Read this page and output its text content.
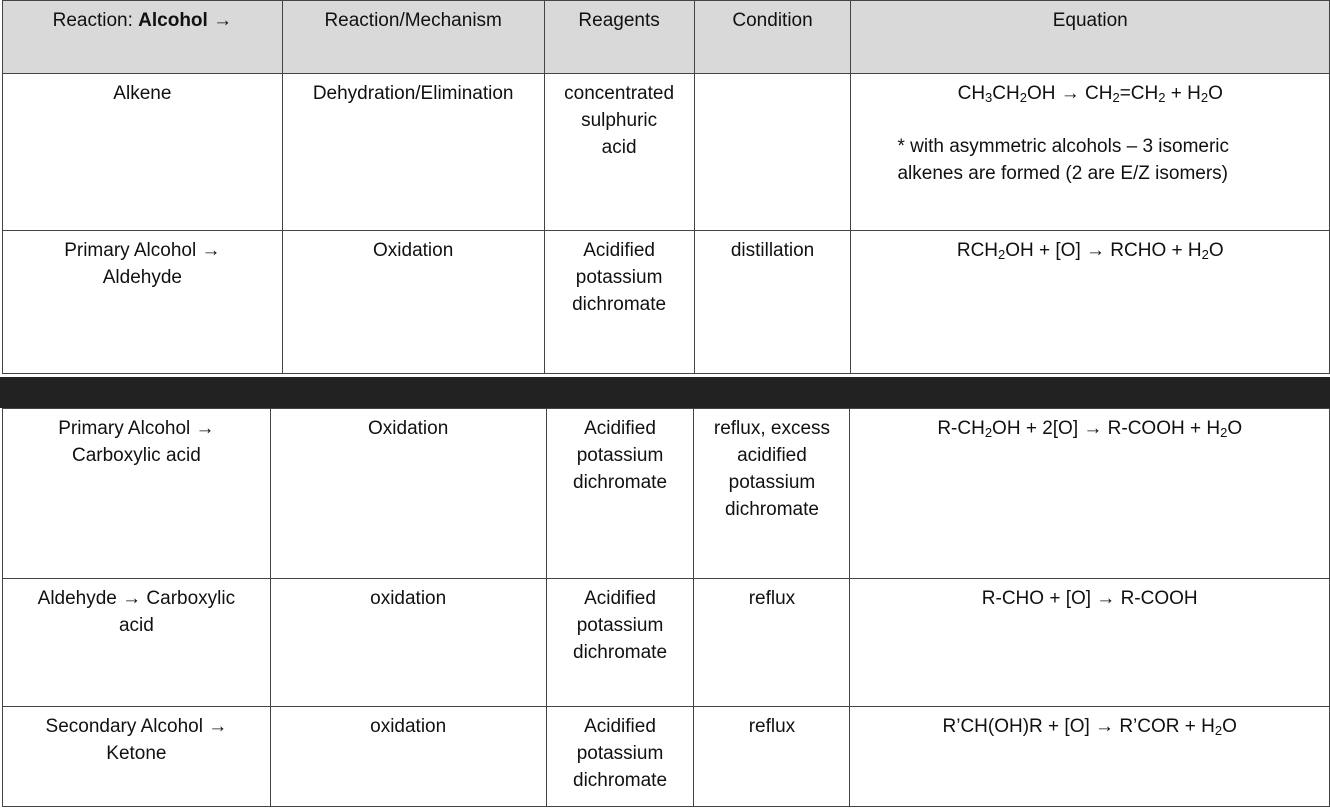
Reaction: Alcohol →	Reaction/Mechanism	Reagents	Condition	Equation

Alkene	Dehydration/Elimination	concentrated
sulphuric
acid		$CH_3CH_2OH \to CH_2=CH_2 + H_2O$
* with asymmetric alcohols – 3 isomeric
alkenes are formed (2 are E/Z isomers)

Primary Alcohol →
Aldehyde	Oxidation	Acidified
potassium
dichromate	distillation	$RCH_2OH + [O]$ → RCHO + $H_2O$
Primary Alcohol →
Carboxylic acid	Oxidation	Acidified
potassium
dichromate	reflux, excess
acidified
potassium
dichromate	$R-CH_2OH + 2[O]$ → R-COOH + $H_2O$

Aldehyde → Carboxylic
acid	oxidation	Acidified
potassium
dichromate	reflux	R-CHO + [O] → R-COOH

Secondary Alcohol →
Ketone	oxidation	Acidified
potassium
dichromate	reflux	R’CH(OH)R + [O] → R’COR + $H_2O$
